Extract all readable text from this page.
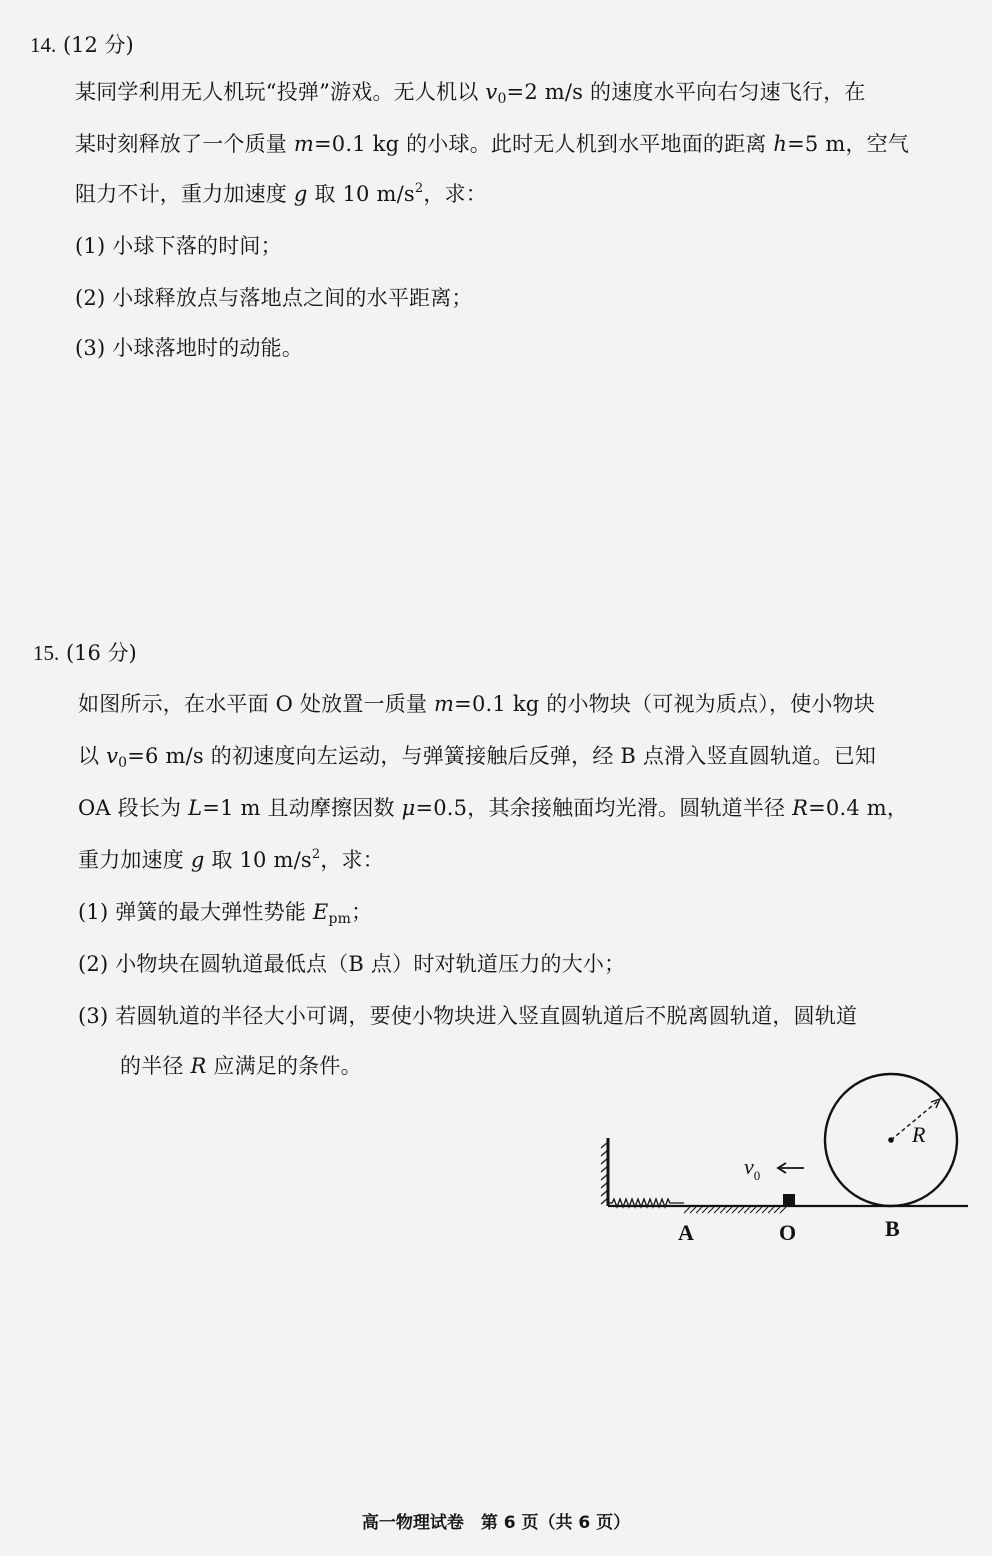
14. (12 分)
某同学利用无人机玩“投弹”游戏。无人机以 $v_0=2$ m/s 的速度水平向右匀速飞行，在
某时刻释放了一个质量 m=0.1 kg 的小球。此时无人机到水平地面的距离 h=5 m，空气
阻力不计，重力加速度 g 取 10 $m/s^2$，求：
(1) 小球下落的时间；
(2) 小球释放点与落地点之间的水平距离；
(3) 小球落地时的动能。
15. (16 分)
如图所示，在水平面 O 处放置一质量 m=0.1 kg 的小物块（可视为质点），使小物块
以 $v_0=6$ m/s 的初速度向左运动，与弹簧接触后反弹，经 B 点滑入竖直圆轨道。已知
OA 段长为 L=1 m 且动摩擦因数 μ=0.5，其余接触面均光滑。圆轨道半径 R=0.4 m，
重力加速度 g 取 10 $m/s^2$，求：
(1) 弹簧的最大弹性势能 $E_{pm}$；
(2) 小物块在圆轨道最低点（B 点）时对轨道压力的大小；
(3) 若圆轨道的半径大小可调，要使小物块进入竖直圆轨道后不脱离圆轨道，圆轨道
的半径 R 应满足的条件。
$v_0$
R
A	O	B
高一物理试卷　第 6 页（共 6 页）
